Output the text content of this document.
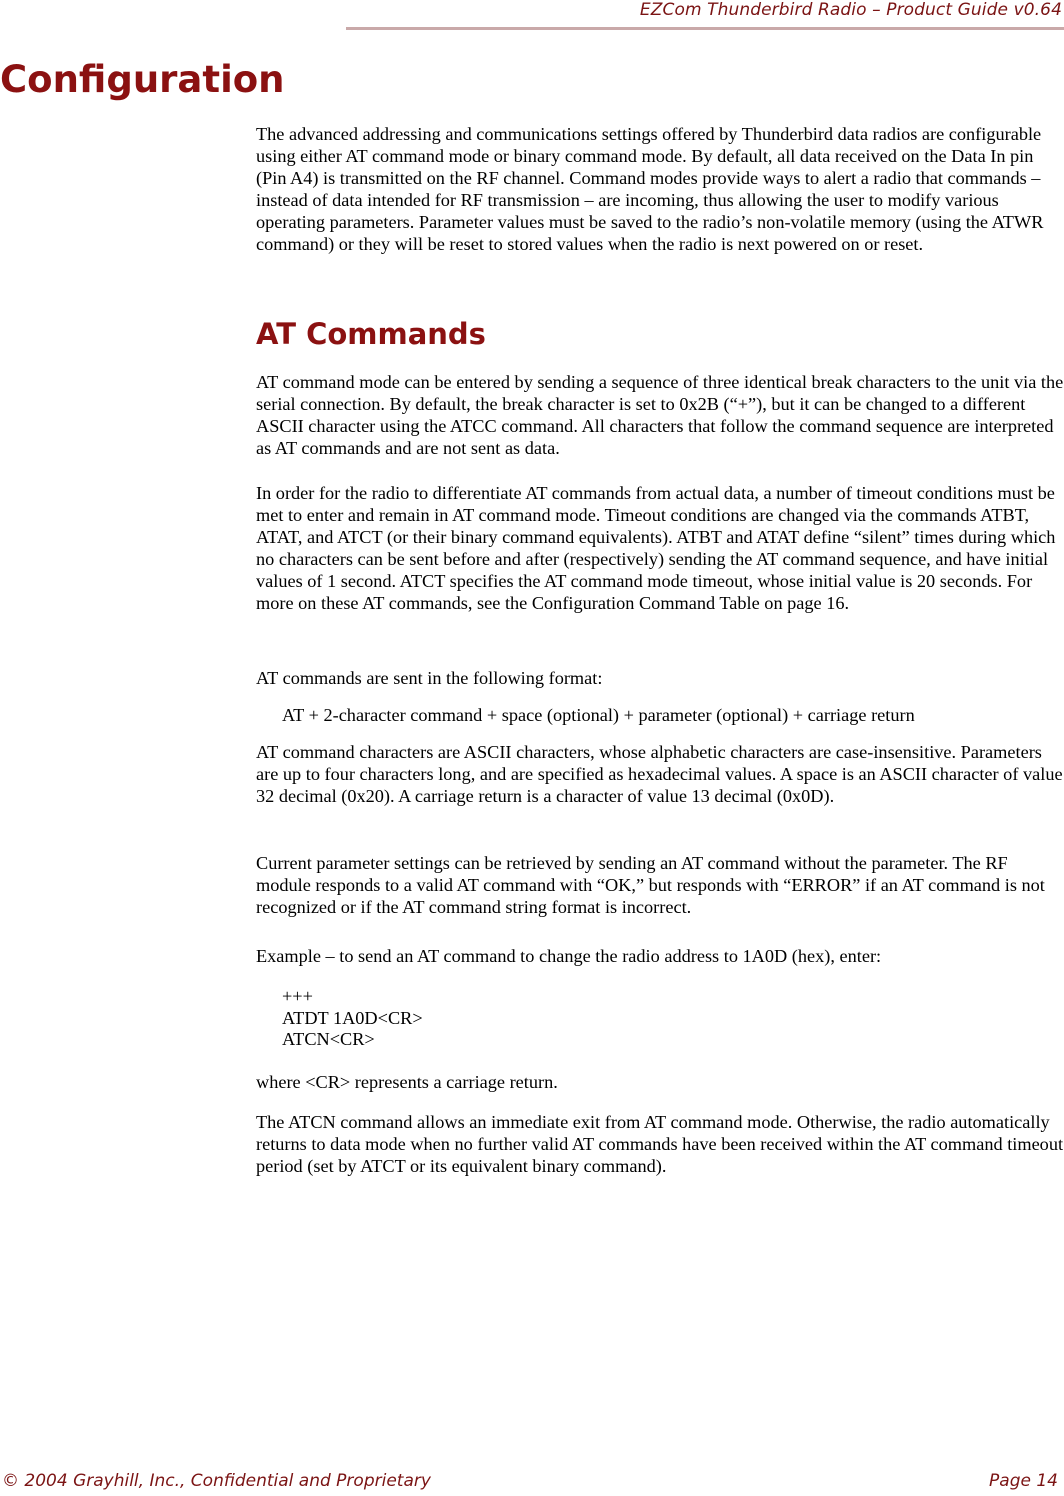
EZCom Thunderbird Radio – Product Guide v0.64
Configuration

The advanced addressing and communications settings offered by Thunderbird data radios are configurable using either AT command mode or binary command mode. By default, all data received on the Data In pin (Pin A4) is transmitted on the RF channel. Command modes provide ways to alert a radio that commands – instead of data intended for RF transmission – are incoming, thus allowing the user to modify various operating parameters. Parameter values must be saved to the radio’s non-volatile memory (using the ATWR command) or they will be reset to stored values when the radio is next powered on or reset.

AT Commands

AT command mode can be entered by sending a sequence of three identical break characters to the unit via the serial connection. By default, the break character is set to 0x2B (“+”), but it can be changed to a different ASCII character using the ATCC command. All characters that follow the command sequence are interpreted as AT commands and are not sent as data.

In order for the radio to differentiate AT commands from actual data, a number of timeout conditions must be met to enter and remain in AT command mode. Timeout conditions are changed via the commands ATBT, ATAT, and ATCT (or their binary command equivalents). ATBT and ATAT define “silent” times during which no characters can be sent before and after (respectively) sending the AT command sequence, and have initial values of 1 second. ATCT specifies the AT command mode timeout, whose initial value is 20 seconds. For more on these AT commands, see the Configuration Command Table on page 16.

AT commands are sent in the following format:

AT + 2-character command + space (optional) + parameter (optional) + carriage return

AT command characters are ASCII characters, whose alphabetic characters are case-insensitive. Parameters are up to four characters long, and are specified as hexadecimal values. A space is an ASCII character of value 32 decimal (0x20). A carriage return is a character of value 13 decimal (0x0D).

Current parameter settings can be retrieved by sending an AT command without the parameter. The RF module responds to a valid AT command with “OK,” but responds with “ERROR” if an AT command is not recognized or if the AT command string format is incorrect.

Example – to send an AT command to change the radio address to 1A0D (hex), enter:

+++
ATDT 1A0D<CR>
ATCN<CR>

where <CR> represents a carriage return.

The ATCN command allows an immediate exit from AT command mode. Otherwise, the radio automatically returns to data mode when no further valid AT commands have been received within the AT command timeout period (set by ATCT or its equivalent binary command).

© 2004 Grayhill, Inc., Confidential and Proprietary	Page 14
